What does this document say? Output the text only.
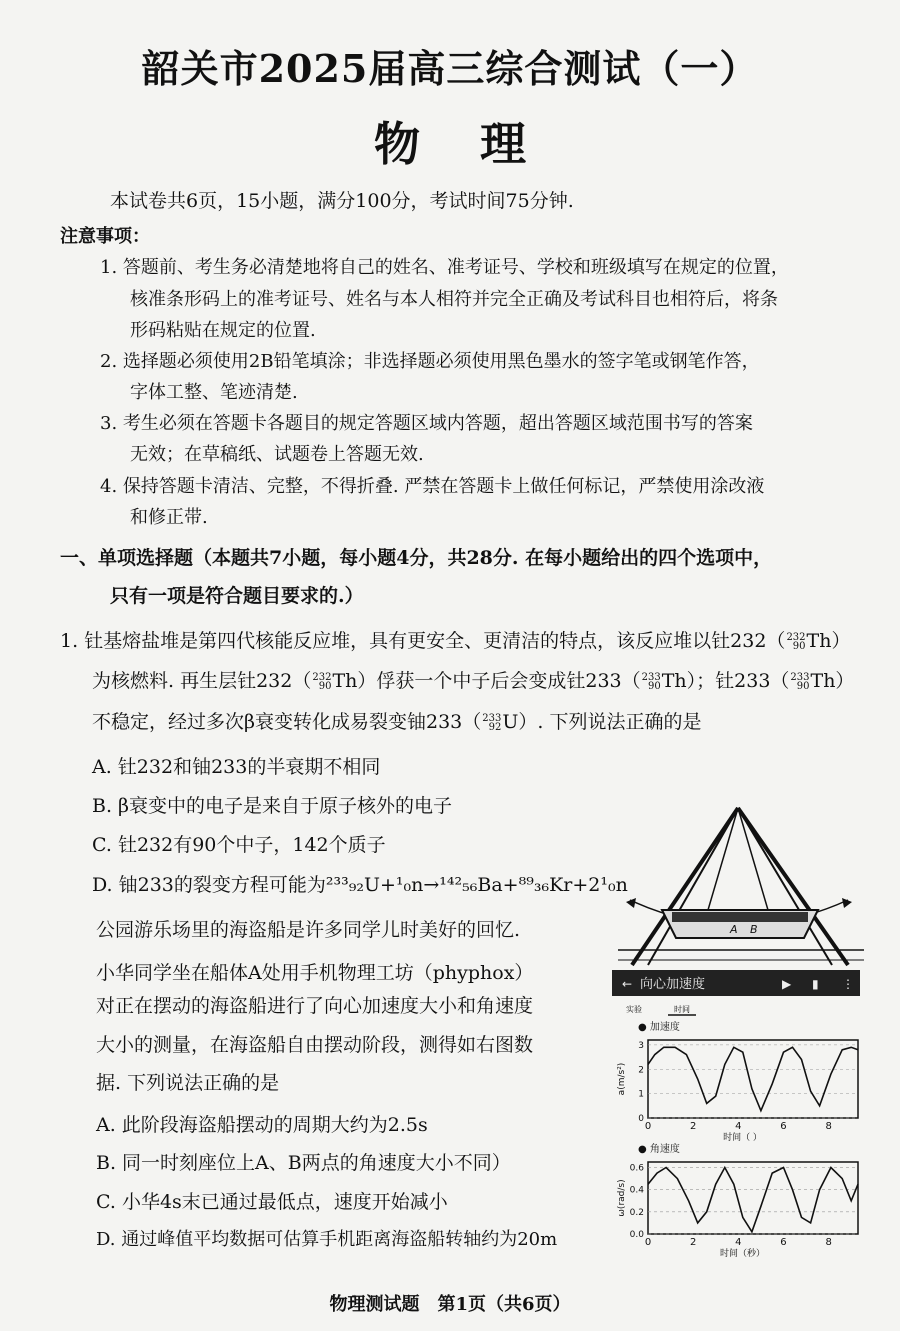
韶关市2025届高三综合测试（一）
物理
本试卷共6页，15小题，满分100分，考试时间75分钟.
注意事项：
1. 答题前、考生务必清楚地将自己的姓名、准考证号、学校和班级填写在规定的位置，
核准条形码上的准考证号、姓名与本人相符并完全正确及考试科目也相符后，将条
形码粘贴在规定的位置.
2. 选择题必须使用2B铅笔填涂；非选择题必须使用黑色墨水的签字笔或钢笔作答，
字体工整、笔迹清楚.
3. 考生必须在答题卡各题目的规定答题区域内答题，超出答题区域范围书写的答案
无效；在草稿纸、试题卷上答题无效.
4. 保持答题卡清洁、完整，不得折叠. 严禁在答题卡上做任何标记，严禁使用涂改液
和修正带.
一、单项选择题（本题共7小题，每小题4分，共28分. 在每小题给出的四个选项中，
只有一项是符合题目要求的.）
1. 钍基熔盐堆是第四代核能反应堆，具有更安全、更清洁的特点，该反应堆以钍232（ 232
90 Th）
为核燃料. 再生层钍232（ 232
90 Th）俘获一个中子后会变成钍233（ 233
90 Th）；钍233（ 233
90 Th）
不稳定，经过多次β衰变转化成易裂变铀233（ 233
92 U）. 下列说法正确的是
A. 钍232和铀233的半衰期不相同
B. β衰变中的电子是来自于原子核外的电子
C. 钍232有90个中子，142个质子
D. 铀233的裂变方程可能为²³³₉₂U+¹₀n→¹⁴²₅₆Ba+⁸⁹₃₆Kr+2¹₀n
公园游乐场里的海盗船是许多同学儿时美好的回忆.
小华同学坐在船体A处用手机物理工坊（phyphox）
对正在摆动的海盗船进行了向心加速度大小和角速度
大小的测量，在海盗船自由摆动阶段，测得如右图数
据. 下列说法正确的是
A. 此阶段海盗船摆动的周期大约为2.5s
B. 同一时刻座位上A、B两点的角速度大小不同）
C. 小华4s末已通过最低点，速度开始减小
D. 通过峰值平均数据可估算手机距离海盗船转轴约为20m
A B
← 向心加速度	▶ ▮ ⋮
实验	时间
● 加速度
0
1
2
3
0	2	4	6	8
时间（ ）
a(m/s²)
● 角速度
0.0
0.2
0.4
0.6
0	2	4	6	8
时间（秒）
ω(rad/s)
物理测试题　第1页（共6页）
